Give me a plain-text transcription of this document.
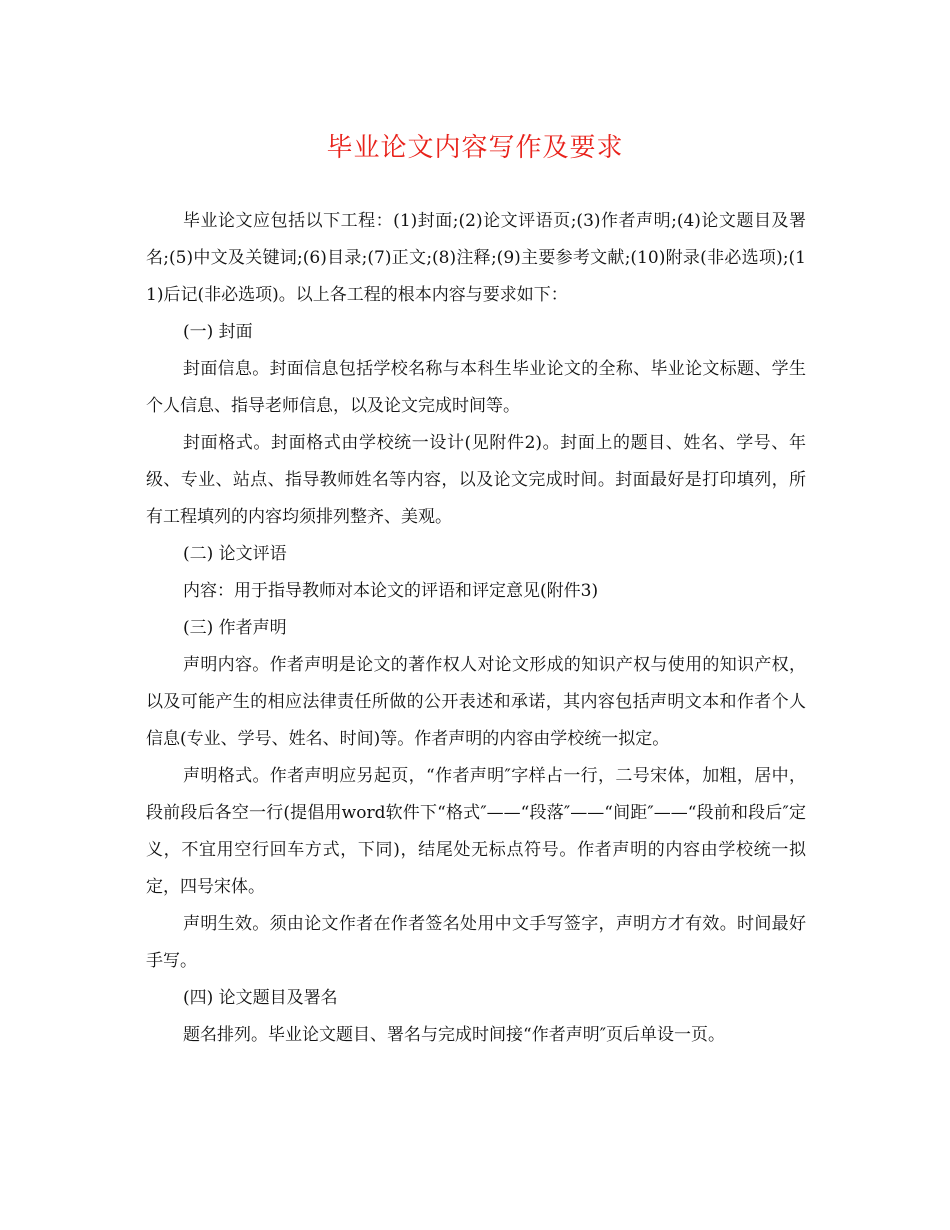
毕业论文内容写作及要求

毕业论文应包括以下工程：(1)封面;(2)论文评语页;(3)作者声明;(4)论文题目及署名;(5)中文及关键词;(6)目录;(7)正文;(8)注释;(9)主要参考文献;(10)附录(非必选项);(11)后记(非必选项)。以上各工程的根本内容与要求如下：

(一) 封面

封面信息。封面信息包括学校名称与本科生毕业论文的全称、毕业论文标题、学生个人信息、指导老师信息，以及论文完成时间等。

封面格式。封面格式由学校统一设计(见附件2)。封面上的题目、姓名、学号、年级、专业、站点、指导教师姓名等内容，以及论文完成时间。封面最好是打印填列，所有工程填列的内容均须排列整齐、美观。

(二) 论文评语

内容：用于指导教师对本论文的评语和评定意见(附件3)

(三) 作者声明

声明内容。作者声明是论文的著作权人对论文形成的知识产权与使用的知识产权，以及可能产生的相应法律责任所做的公开表述和承诺，其内容包括声明文本和作者个人信息(专业、学号、姓名、时间)等。作者声明的内容由学校统一拟定。

声明格式。作者声明应另起页，“作者声明″字样占一行，二号宋体，加粗，居中，段前段后各空一行(提倡用word软件下“格式″——“段落″——“间距″——“段前和段后″定义，不宜用空行回车方式，下同)，结尾处无标点符号。作者声明的内容由学校统一拟定，四号宋体。

声明生效。须由论文作者在作者签名处用中文手写签字，声明方才有效。时间最好手写。

(四) 论文题目及署名

题名排列。毕业论文题目、署名与完成时间接“作者声明″页后单设一页。
